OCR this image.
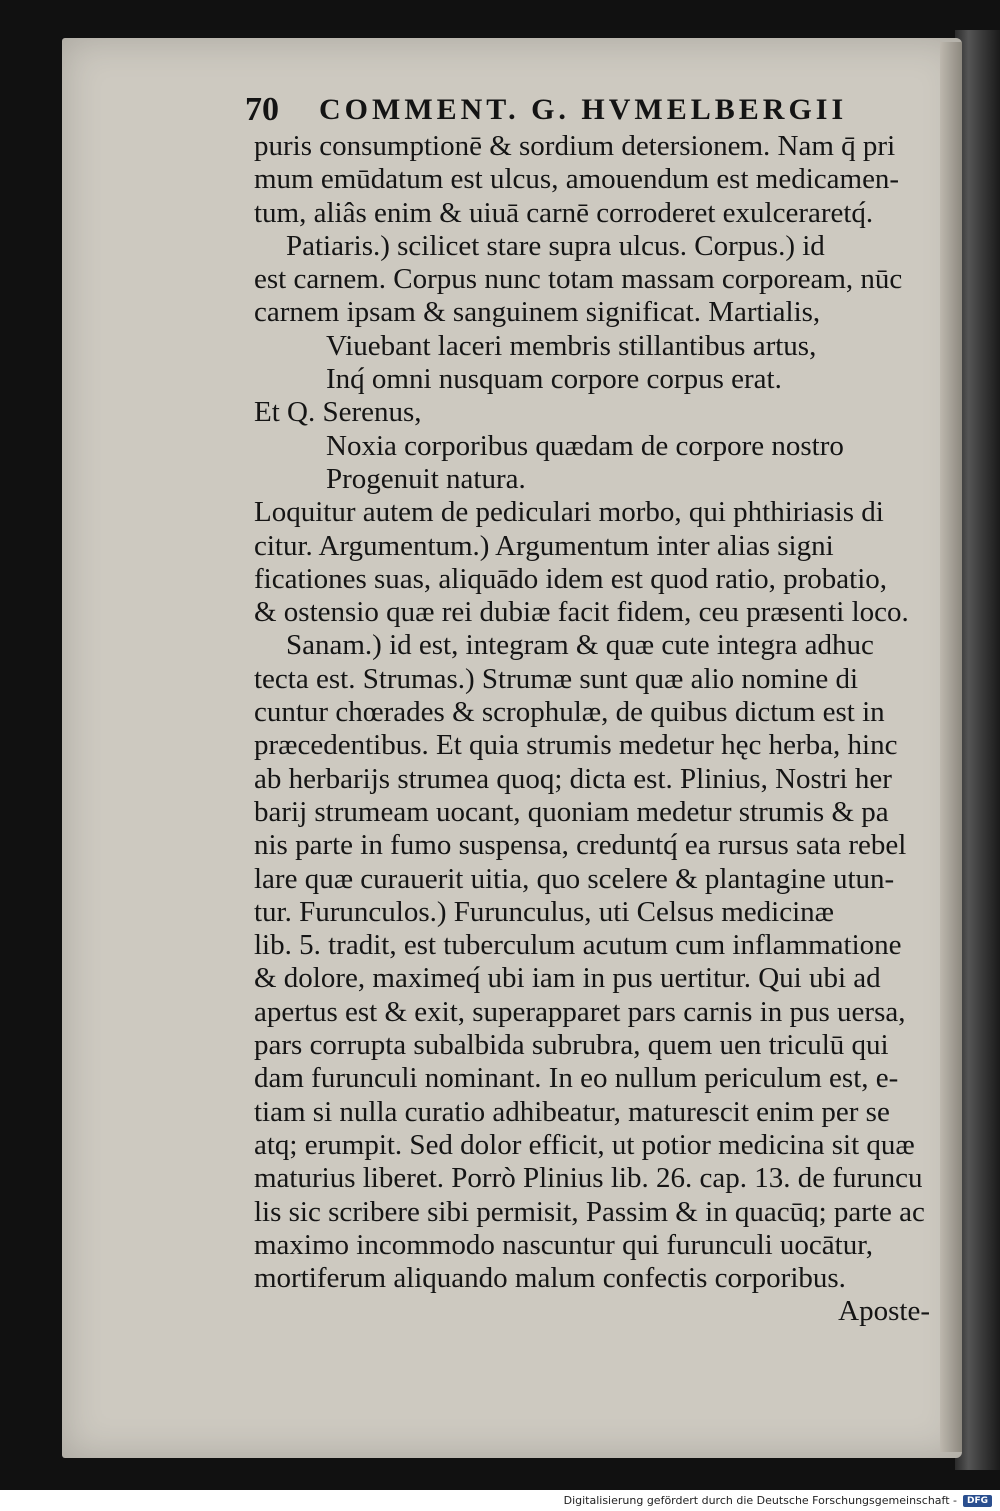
70 COMMENT. G. HVMELBERGII
puris consumptionē & sordium detersionem. Nam q̄ pri
mum emūdatum est ulcus, amouendum est medicamen-
tum, aliâs enim & uiuā carnē corroderet exulceraretq́.
Patiaris.) scilicet stare supra ulcus. Corpus.) id
est carnem. Corpus nunc totam massam corpoream, nūc
carnem ipsam & sanguinem significat. Martialis,
Viuebant laceri membris stillantibus artus,
Inq́ omni nusquam corpore corpus erat.
Et Q. Serenus,
Noxia corporibus quædam de corpore nostro
Progenuit natura.
Loquitur autem de pediculari morbo, qui phthiriasis di
citur. Argumentum.) Argumentum inter alias signi
ficationes suas, aliquādo idem est quod ratio, probatio,
& ostensio quæ rei dubiæ facit fidem, ceu præsenti loco.
Sanam.) id est, integram & quæ cute integra adhuc
tecta est. Strumas.) Strumæ sunt quæ alio nomine di
cuntur chœrades & scrophulæ, de quibus dictum est in
præcedentibus. Et quia strumis medetur hęc herba, hinc
ab herbarijs strumea quoq; dicta est. Plinius, Nostri her
barij strumeam uocant, quoniam medetur strumis & pa
nis parte in fumo suspensa, creduntq́ ea rursus sata rebel
lare quæ curauerit uitia, quo scelere & plantagine utun-
tur. Furunculos.) Furunculus, uti Celsus medicinæ
lib. 5. tradit, est tuberculum acutum cum inflammatione
& dolore, maximeq́ ubi iam in pus uertitur. Qui ubi ad
apertus est & exit, superapparet pars carnis in pus uersa,
pars corrupta subalbida subrubra, quem uen triculū qui
dam furunculi nominant. In eo nullum periculum est, e-
tiam si nulla curatio adhibeatur, maturescit enim per se
atq; erumpit. Sed dolor efficit, ut potior medicina sit quæ
maturius liberet. Porrò Plinius lib. 26. cap. 13. de furuncu
lis sic scribere sibi permisit, Passim & in quacūq; parte ac
maximo incommodo nascuntur qui furunculi uocātur,
mortiferum aliquando malum confectis corporibus.
Aposte-
Digitalisierung gefördert durch die Deutsche Forschungsgemeinschaft -	DFG
